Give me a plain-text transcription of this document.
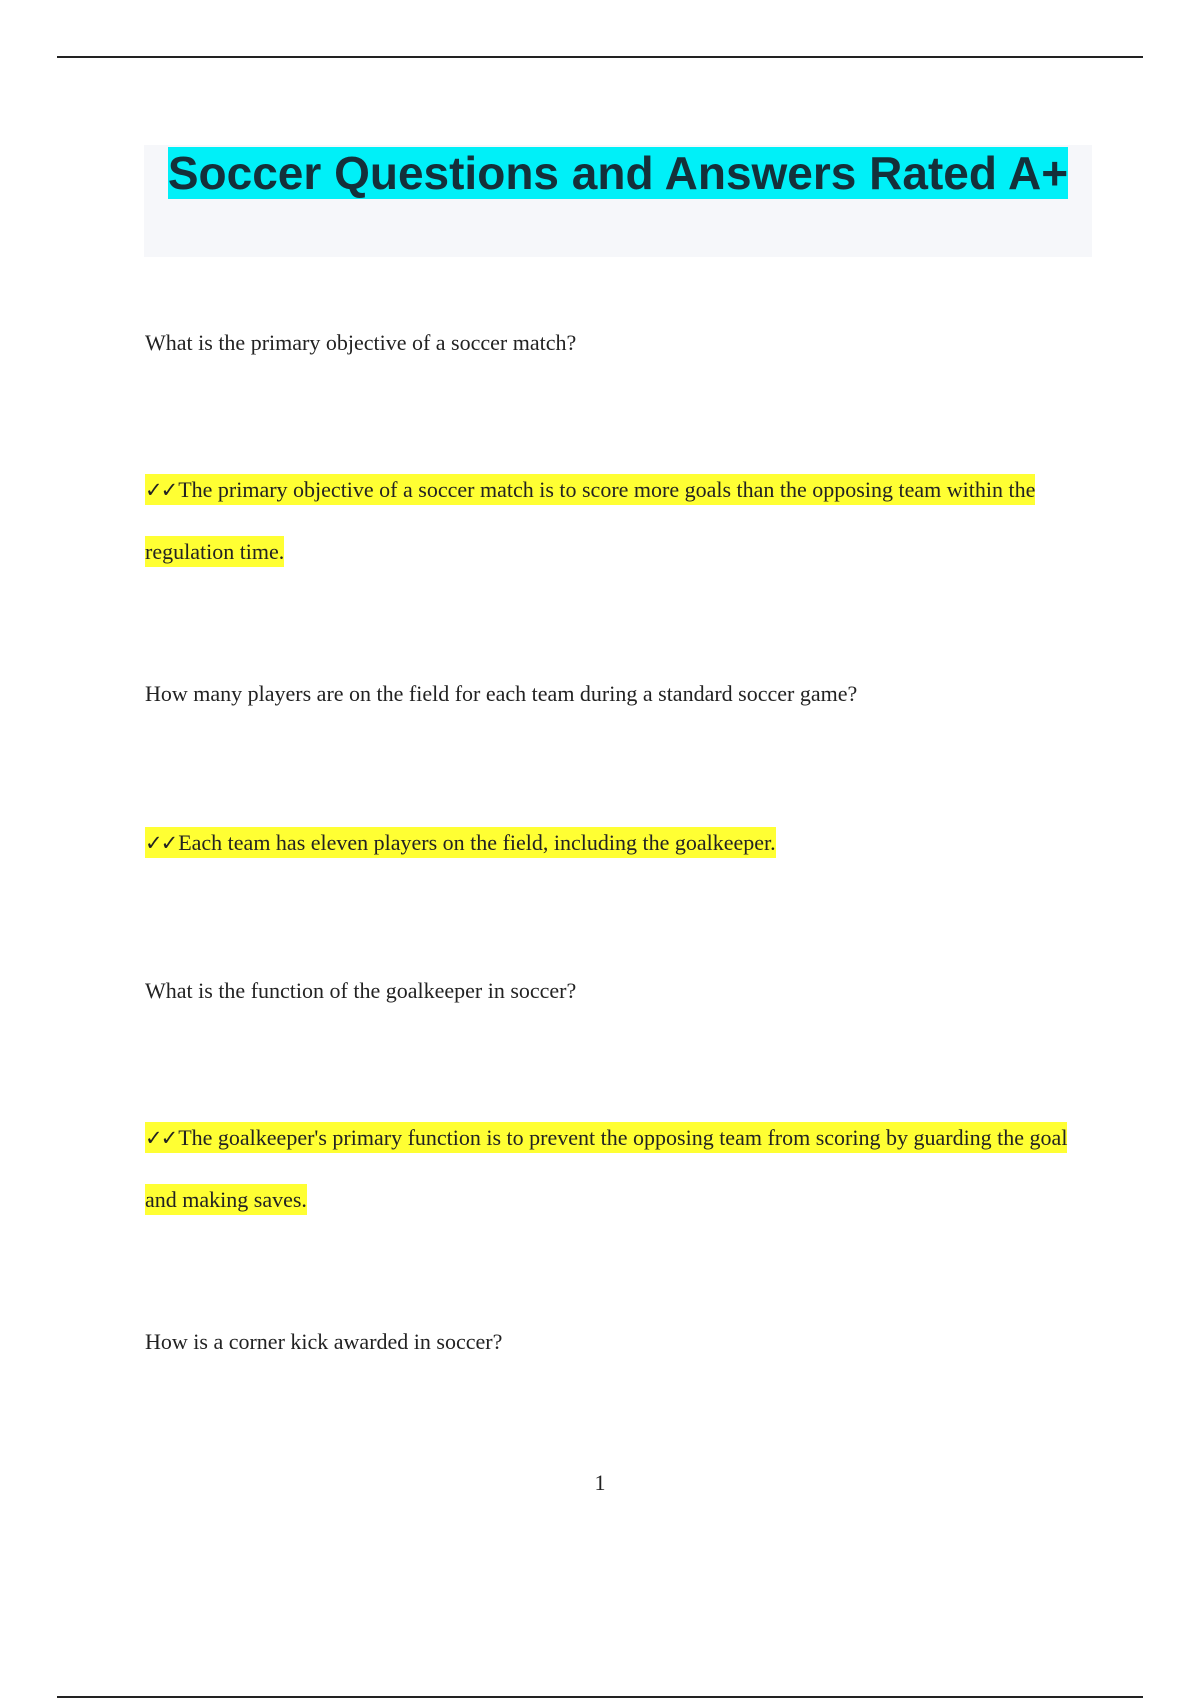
Soccer Questions and Answers Rated A+

What is the primary objective of a soccer match?

✓✓The primary objective of a soccer match is to score more goals than the opposing team within the regulation time.

How many players are on the field for each team during a standard soccer game?

✓✓Each team has eleven players on the field, including the goalkeeper.

What is the function of the goalkeeper in soccer?

✓✓The goalkeeper's primary function is to prevent the opposing team from scoring by guarding the goal and making saves.

How is a corner kick awarded in soccer?

1
